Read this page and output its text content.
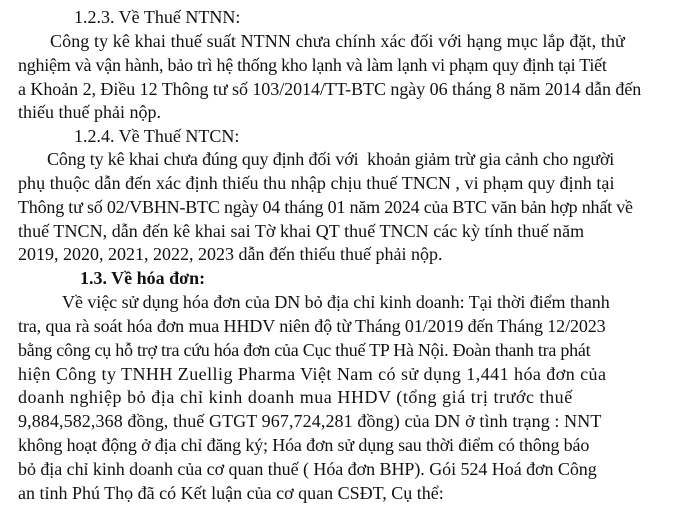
1.2.3. Về Thuế NTNN:
Công ty kê khai thuế suất NTNN chưa chính xác đối với hạng mục lắp đặt, thử
nghiệm và vận hành, bảo trì hệ thống kho lạnh và làm lạnh vi phạm quy định tại Tiết
a Khoản 2, Điều 12 Thông tư số 103/2014/TT-BTC ngày 06 tháng 8 năm 2014 dẫn đến
thiếu thuế phải nộp.
1.2.4. Về Thuế NTCN:
Công ty kê khai chưa đúng quy định đối với  khoản giảm trừ gia cảnh cho người
phụ thuộc dẫn đến xác định thiếu thu nhập chịu thuế TNCN , vi phạm quy định tại
Thông tư số 02/VBHN-BTC ngày 04 tháng 01 năm 2024 của BTC văn bản hợp nhất về
thuế TNCN, dẫn đến kê khai sai Tờ khai QT thuế TNCN các kỳ tính thuế năm
2019, 2020, 2021, 2022, 2023 dẫn đến thiếu thuế phải nộp.
1.3. Về hóa đơn:
Về việc sử dụng hóa đơn của DN bỏ địa chỉ kinh doanh: Tại thời điểm thanh
tra, qua rà soát hóa đơn mua HHDV niên độ từ Tháng 01/2019 đến Tháng 12/2023
bằng công cụ hỗ trợ tra cứu hóa đơn của Cục thuế TP Hà Nội. Đoàn thanh tra phát
hiện Công ty TNHH Zuellig Pharma Việt Nam có sử dụng 1,441 hóa đơn của
doanh nghiệp bỏ địa chỉ kinh doanh mua HHDV (tổng giá trị trước thuế
9,884,582,368 đồng, thuế GTGT 967,724,281 đồng) của DN ở tình trạng : NNT
không hoạt động ở địa chỉ đăng ký; Hóa đơn sử dụng sau thời điểm có thông báo
bỏ địa chỉ kinh doanh của cơ quan thuế ( Hóa đơn BHP). Gói 524 Hoá đơn Công
an tỉnh Phú Thọ đã có Kết luận của cơ quan CSĐT, Cụ thể:
